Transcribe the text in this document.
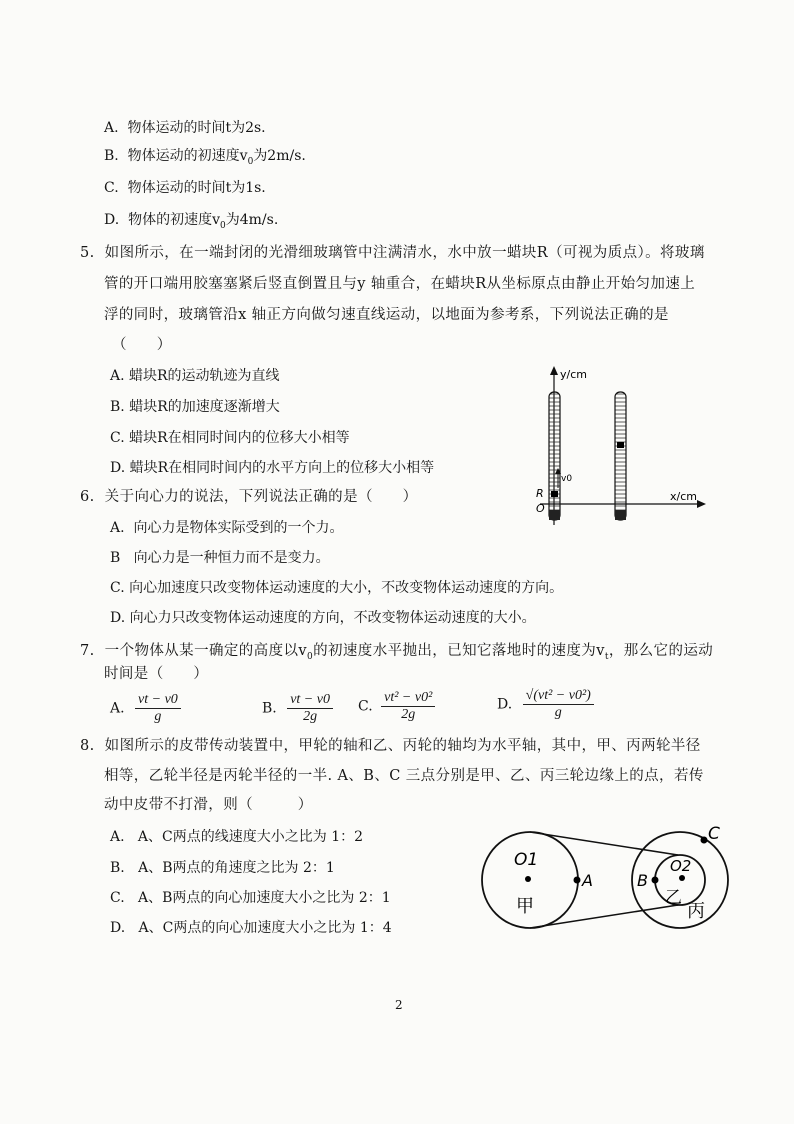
A. 物体运动的时间t为2s.
B. 物体运动的初速度$v_0$为2m/s.
C. 物体运动的时间t为1s.
D. 物体的初速度$v_0$为4m/s.
5. 如图所示，在一端封闭的光滑细玻璃管中注满清水，水中放一蜡块R（可视为质点）。将玻璃
管的开口端用胶塞塞紧后竖直倒置且与y 轴重合，在蜡块R从坐标原点由静止开始匀加速上
浮的同时，玻璃管沿x 轴正方向做匀速直线运动，以地面为参考系，下列说法正确的是
（　　）
A. 蜡块R的运动轨迹为直线
B. 蜡块R的加速度逐渐增大
C. 蜡块R在相同时间内的位移大小相等
D. 蜡块R在相同时间内的水平方向上的位移大小相等
y/cm
x/cm
v0
R
O
6. 关于向心力的说法，下列说法正确的是（　　）
A. 向心力是物体实际受到的一个力。
B 向心力是一种恒力而不是变力。
C. 向心加速度只改变物体运动速度的大小，不改变物体运动速度的方向。
D. 向心力只改变物体运动速度的方向，不改变物体运动速度的大小。
7. 一个物体从某一确定的高度以$v_0$的初速度水平抛出，已知它落地时的速度为$v_t$，那么它的运动
时间是（　　）
A. $\frac{vt - v0}{g}$	B. $\frac{vt - v0}{2g} C$. $\frac{\text{vt² − v0²}}{2g}$	D. $\frac{\text{√(vt² − v0²)}}{g}$
8. 如图所示的皮带传动装置中，甲轮的轴和乙、丙轮的轴均为水平轴，其中，甲、丙两轮半径
相等，乙轮半径是丙轮半径的一半. A、B、C 三点分别是甲、乙、丙三轮边缘上的点，若传
动中皮带不打滑，则（　　　）
A. A、C两点的线速度大小之比为 1：2
B. A、B两点的角速度之比为 2：1
C. A、B两点的向心加速度大小之比为 2：1
D. A、C两点的向心加速度大小之比为 1：4
O1	O2
A	B
C
甲	乙
丙
2
